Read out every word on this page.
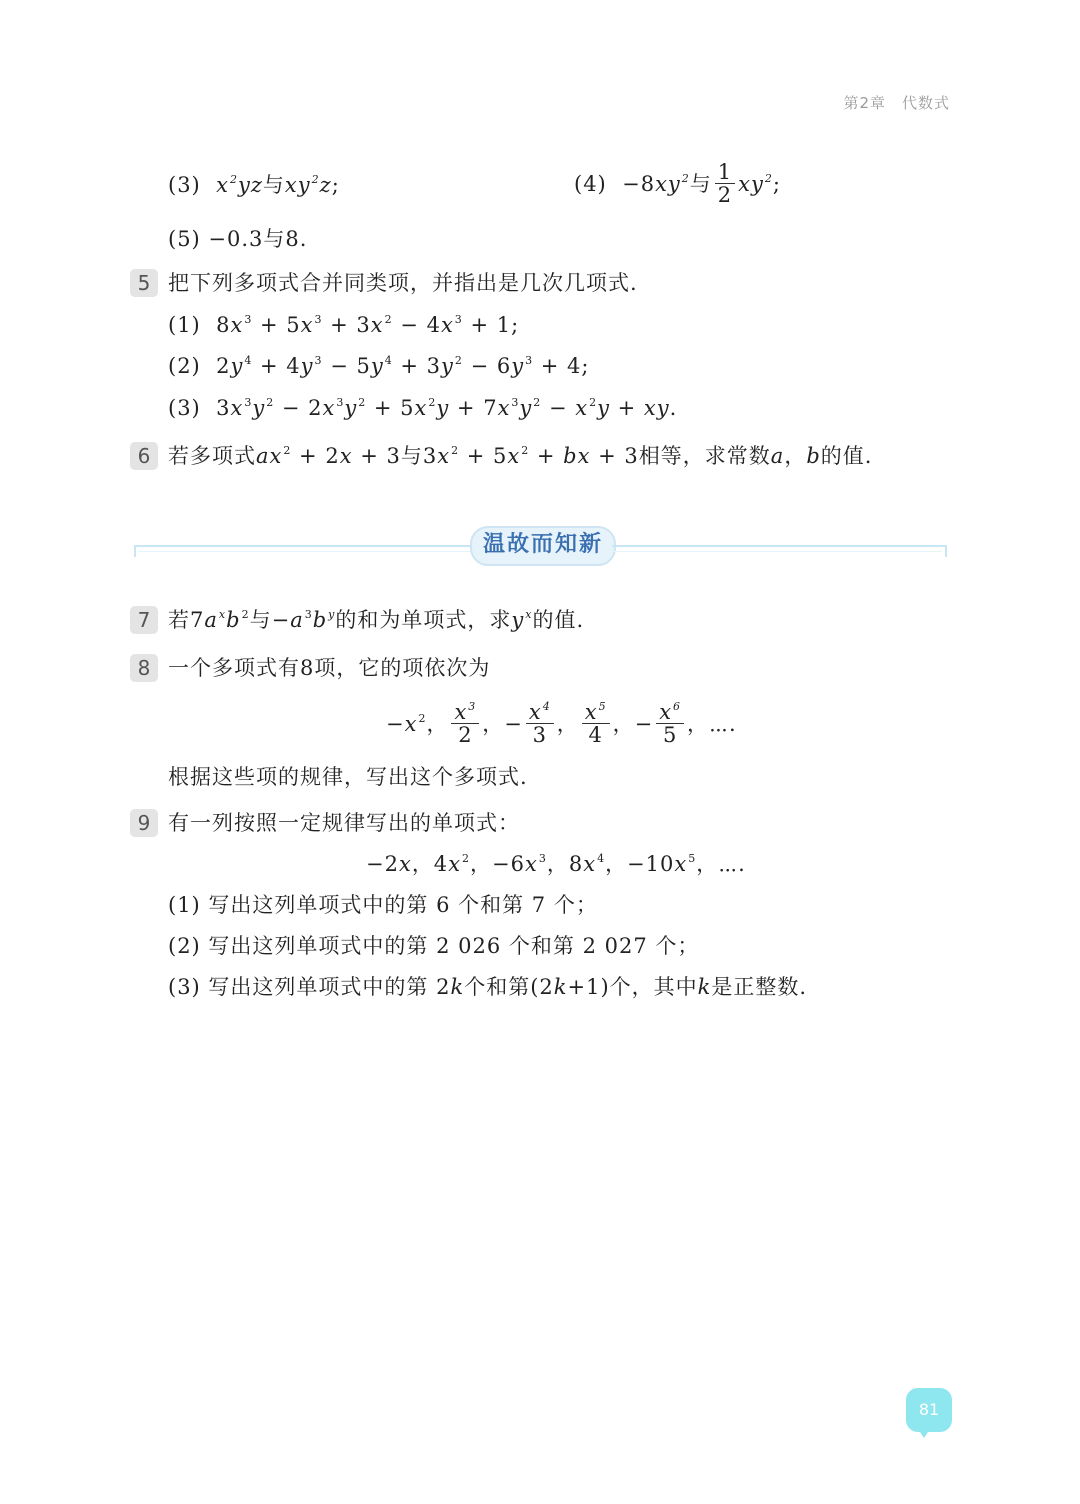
第2章　代数式
(3) $x^2yz$与$xy^2z$;	$(4) -8xy^2$与 $\frac{1}{2} xy^2$;
(5) −0.3与8.
5 把下列多项式合并同类项，并指出是几次几项式.
(1)  $8x^3 + 5x^3 + 3x^2 - 4x^3 + 1$;
(2)  $2y^4 + 4y^3 - 5y^4 + 3y^2 - 6y^3 + 4$;
(3)  $3x^3y^2 - 2x^3y^2 + 5x^2y + 7x^3y^2 - x^2y$ + xy.
6 若多项式$ax^2 + 2x + 3$与$3x^2 + 5x^2$ + bx + 3相等，求常数a，b的值.
温故而知新
7 若$7a^xb^2$与$-a^3b^y$的和为单项式，求$y^x$的值.
8 一个多项式有8项，它的项依次为
$-x^2$， $\frac{x^3}{2}$ ，− $\frac{x^4}{3}$ ， $\frac{x^5}{4}$ ，− $\frac{x^6}{5}$ ，⋯.
根据这些项的规律，写出这个多项式.
9 有一列按照一定规律写出的单项式：
−2x，$4x^2$，$-6x^3$，$8x^4$，$-10x^5$，⋯.
(1) 写出这列单项式中的第 6 个和第 7 个；
(2) 写出这列单项式中的第 2 026 个和第 2 027 个；
(3) 写出这列单项式中的第 2k个和第(2k+1)个，其中k是正整数.
81
